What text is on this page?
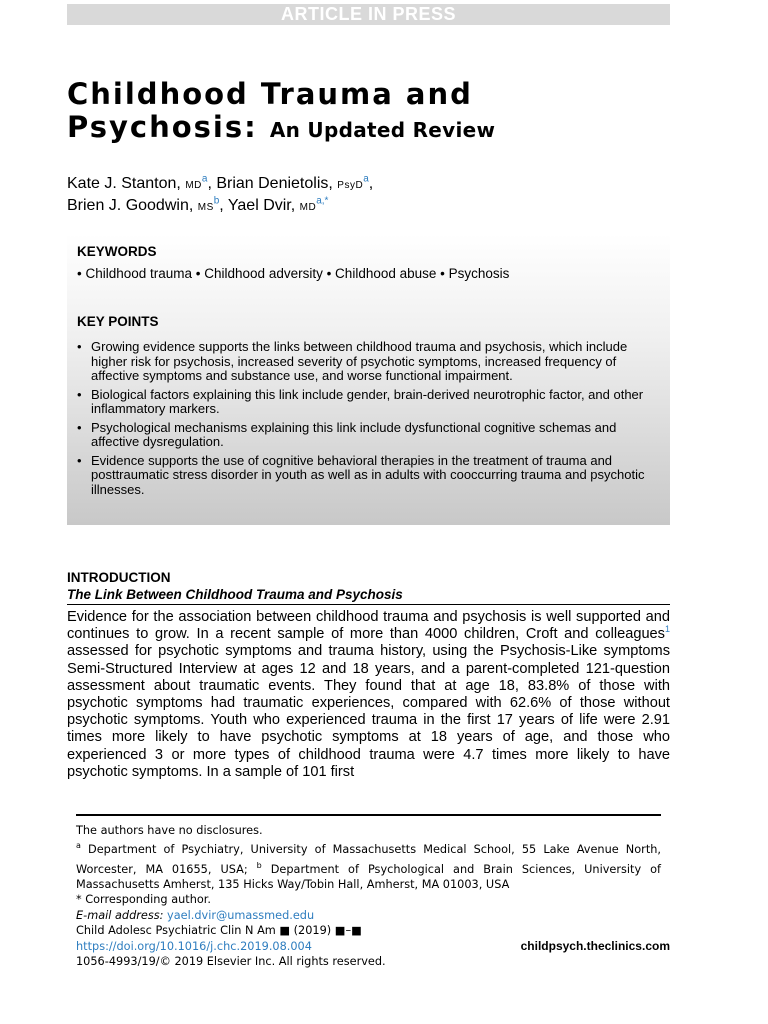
ARTICLE IN PRESS
Childhood Trauma and
Psychosis: An Updated Review
Kate J. Stanton, MD$^a$, Brian Denietolis, PsyD$^a$,
Brien J. Goodwin, MS$^b$, Yael Dvir, MD$^{a,*}$
KEYWORDS

• Childhood trauma • Childhood adversity • Childhood abuse • Psychosis

KEY POINTS
• Growing evidence supports the links between childhood trauma and psychosis, which include higher risk for psychosis, increased severity of psychotic symptoms, increased frequency of affective symptoms and substance use, and worse functional impairment.
• Biological factors explaining this link include gender, brain-derived neurotrophic factor, and other inflammatory markers.
• Psychological mechanisms explaining this link include dysfunctional cognitive schemas and affective dysregulation.
• Evidence supports the use of cognitive behavioral therapies in the treatment of trauma and posttraumatic stress disorder in youth as well as in adults with cooccurring trauma and psychotic illnesses.
INTRODUCTION
The Link Between Childhood Trauma and Psychosis

Evidence for the association between childhood trauma and psychosis is well supported and continues to grow. In a recent sample of more than 4000 children, Croft and colleagues$^1$ assessed for psychotic symptoms and trauma history, using the Psychosis-Like symptoms Semi-Structured Interview at ages 12 and 18 years, and a parent-completed 121-question assessment about traumatic events. They found that at age 18, 83.8% of those with psychotic symptoms had traumatic experiences, compared with 62.6% of those without psychotic symptoms. Youth who experienced trauma in the first 17 years of life were 2.91 times more likely to have psychotic symptoms at 18 years of age, and those who experienced 3 or more types of childhood trauma were 4.7 times more likely to have psychotic symptoms. In a sample of 101 first

The authors have no disclosures.

$^a$ Department of Psychiatry, University of Massachusetts Medical School, 55 Lake Avenue North, Worcester, MA 01655, USA; $^b$ Department of Psychological and Brain Sciences, University of Massachusetts Amherst, 135 Hicks Way/Tobin Hall, Amherst, MA 01003, USA

* Corresponding author.

E-mail address: yael.dvir@umassmed.edu

Child Adolesc Psychiatric Clin N Am ■ (2019) ■–■

https://doi.org/10.1016/j.chc.2019.08.004

1056-4993/19/© 2019 Elsevier Inc. All rights reserved.

childpsych.theclinics.com
